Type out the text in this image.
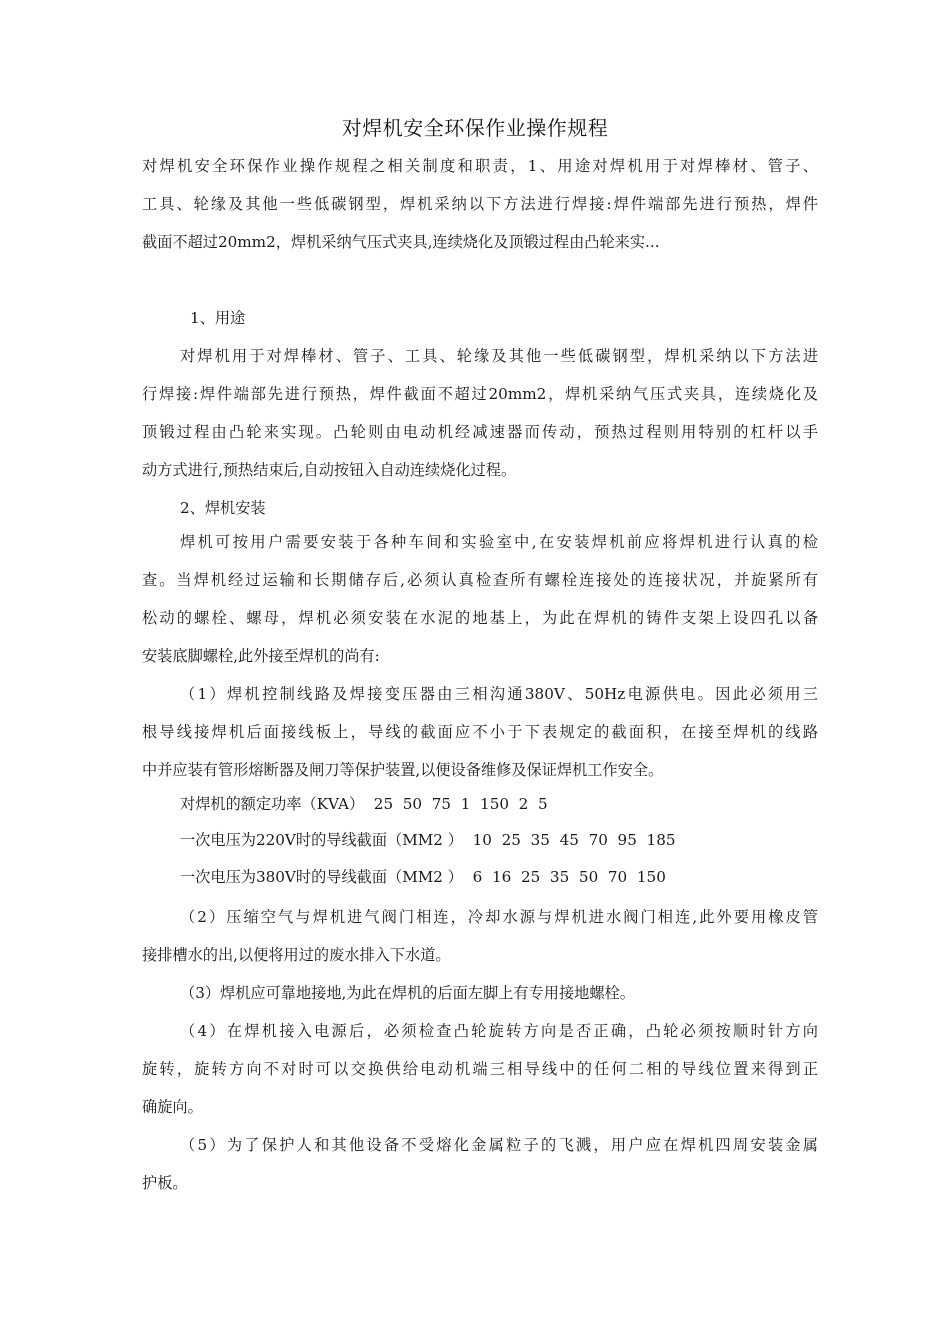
对焊机安全环保作业操作规程
对焊机安全环保作业操作规程之相关制度和职责，1、用途对焊机用于对焊棒材、管子、
工具、轮缘及其他一些低碳钢型，焊机采纳以下方法进行焊接:焊件端部先进行预热，焊件
截面不超过20mm2，焊机采纳气压式夹具,连续烧化及顶锻过程由凸轮来实...
1、用途
对焊机用于对焊棒材、管子、工具、轮缘及其他一些低碳钢型，焊机采纳以下方法进
行焊接:焊件端部先进行预热，焊件截面不超过20mm2，焊机采纳气压式夹具，连续烧化及
顶锻过程由凸轮来实现。凸轮则由电动机经减速器而传动，预热过程则用特别的杠杆以手
动方式进行,预热结束后,自动按钮入自动连续烧化过程。
2、焊机安装
焊机可按用户需要安装于各种车间和实验室中,在安装焊机前应将焊机进行认真的检
查。当焊机经过运输和长期储存后,必须认真检查所有螺栓连接处的连接状况，并旋紧所有
松动的螺栓、螺母，焊机必须安装在水泥的地基上，为此在焊机的铸件支架上设四孔以备
安装底脚螺栓,此外接至焊机的尚有:
（1）焊机控制线路及焊接变压器由三相沟通380V、50Hz电源供电。因此必须用三
根导线接焊机后面接线板上，导线的截面应不小于下表规定的截面积，在接至焊机的线路
中并应装有管形熔断器及闸刀等保护装置,以便设备维修及保证焊机工作安全。
对焊机的额定功率（KVA）  25  50  75  1  150  2  5
一次电压为220V时的导线截面（MM2 ）  10  25  35  45  70  95  185
一次电压为380V时的导线截面（MM2 ）  6  16  25  35  50  70  150
（2）压缩空气与焊机进气阀门相连，冷却水源与焊机进水阀门相连,此外要用橡皮管
接排槽水的出,以便将用过的废水排入下水道。
（3）焊机应可靠地接地,为此在焊机的后面左脚上有专用接地螺栓。
（4）在焊机接入电源后，必须检查凸轮旋转方向是否正确，凸轮必须按顺时针方向
旋转，旋转方向不对时可以交换供给电动机端三相导线中的任何二相的导线位置来得到正
确旋向。
（5）为了保护人和其他设备不受熔化金属粒子的飞溅，用户应在焊机四周安装金属
护板。
